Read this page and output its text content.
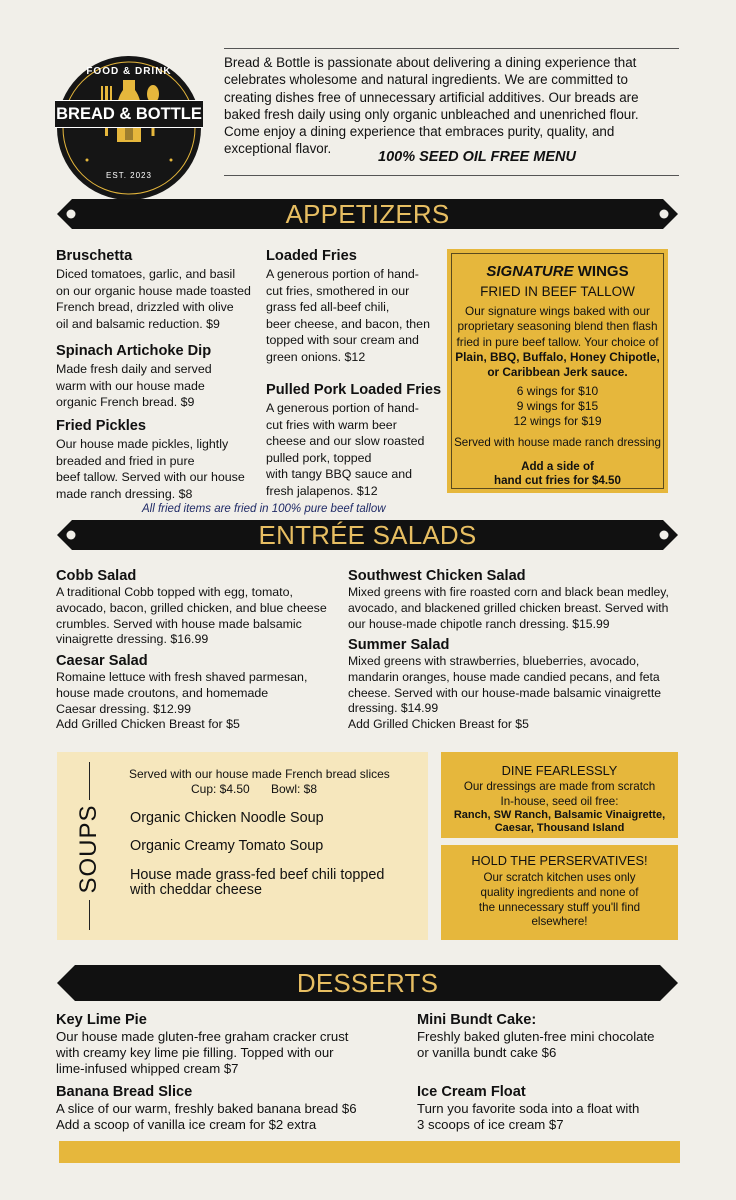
FOOD & DRINK
BREAD & BOTTLE
EST. 2023
Bread & Bottle is passionate about delivering a dining experience that
celebrates wholesome and natural ingredients. We are committed to
creating dishes free of unnecessary artificial additives. Our breads are
baked fresh daily using only organic unbleached and unenriched flour.
Come enjoy a dining experience that embraces purity, quality, and
exceptional flavor.
100% SEED OIL FREE MENU
APPETIZERS
Bruschetta
Diced tomatoes, garlic, and basil
on our organic house made toasted
French bread, drizzled with olive
oil and balsamic reduction. $9
Spinach Artichoke Dip
Made fresh daily and served
warm with our house made
organic French bread. $9
Fried Pickles
Our house made pickles, lightly
breaded and fried in pure
beef tallow. Served with our house
made ranch dressing. $8
Loaded Fries
A generous portion of hand-
cut fries, smothered in our
grass fed all-beef chili,
beer cheese, and bacon, then
topped with sour cream and
green onions. $12
Pulled Pork Loaded Fries
A generous portion of hand-
cut fries with warm beer
cheese and our slow roasted
pulled pork, topped
with tangy BBQ sauce and
fresh jalapenos. $12
SIGNATURE WINGS
FRIED IN BEEF TALLOW
Our signature wings baked with our
proprietary seasoning blend then flash
fried in pure beef tallow. Your choice of
Plain, BBQ, Buffalo, Honey Chipotle,
or Caribbean Jerk sauce.
6 wings for $10
9 wings for $15
12 wings for $19
Served with house made ranch dressing
Add a side of
hand cut fries for $4.50
All fried items are fried in 100% pure beef tallow
ENTRÉE SALADS
Cobb Salad
A traditional Cobb topped with egg, tomato,
avocado, bacon, grilled chicken, and blue cheese
crumbles. Served with house made balsamic
vinaigrette dressing. $16.99
Caesar Salad
Romaine lettuce with fresh shaved parmesan,
house made croutons, and homemade
Caesar dressing. $12.99
Add Grilled Chicken Breast for $5
Southwest Chicken Salad
Mixed greens with fire roasted corn and black bean medley,
avocado, and blackened grilled chicken breast. Served with
our house-made chipotle ranch dressing. $15.99
Summer Salad
Mixed greens with strawberries, blueberries, avocado,
mandarin oranges, house made candied pecans, and feta
cheese. Served with our house-made balsamic vinaigrette
dressing. $14.99
Add Grilled Chicken Breast for $5
SOUPS
Served with our house made French bread slices
Cup: $4.50 Bowl: $8
Organic Chicken Noodle Soup
Organic Creamy Tomato Soup
House made grass-fed beef chili topped
with cheddar cheese
DINE FEARLESSLY
Our dressings are made from scratch
In-house, seed oil free:
Ranch, SW Ranch, Balsamic Vinaigrette,
Caesar, Thousand Island
HOLD THE PERSERVATIVES!
Our scratch kitchen uses only
quality ingredients and none of
the unnecessary stuff you'll find
elsewhere!
DESSERTS
Key Lime Pie
Our house made gluten-free graham cracker crust
with creamy key lime pie filling. Topped with our
lime-infused whipped cream $7
Banana Bread Slice
A slice of our warm, freshly baked banana bread $6
Add a scoop of vanilla ice cream for $2 extra
Mini Bundt Cake:
Freshly baked gluten-free mini chocolate
or vanilla bundt cake $6
Ice Cream Float
Turn you favorite soda into a float with
3 scoops of ice cream $7
